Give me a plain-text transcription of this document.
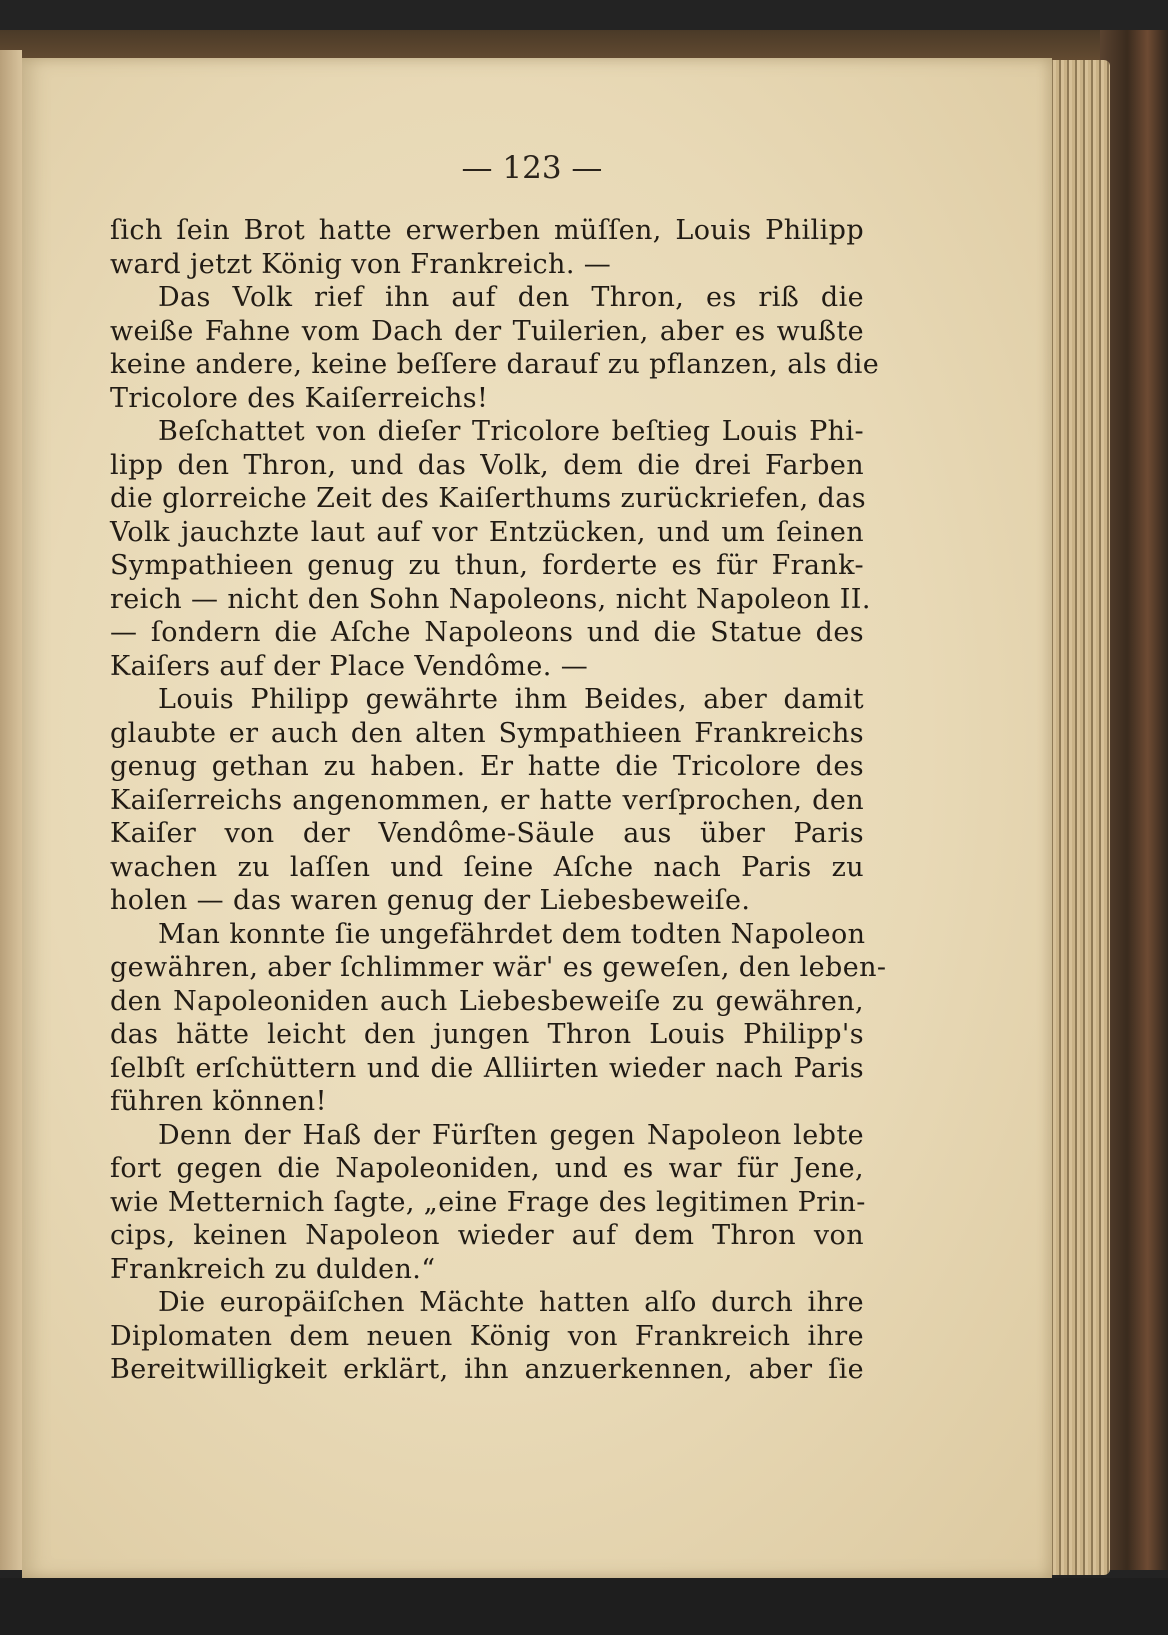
— 123 —
ſich ſein Brot hatte erwerben müſſen, Louis Philipp
ward jetzt König von Frankreich. —
Das Volk rief ihn auf den Thron, es riß die
weiße Fahne vom Dach der Tuilerien, aber es wußte
keine andere, keine beſſere darauf zu pflanzen, als die
Tricolore des Kaiſerreichs!
Beſchattet von dieſer Tricolore beſtieg Louis Phi-
lipp den Thron, und das Volk, dem die drei Farben
die glorreiche Zeit des Kaiſerthums zurückriefen, das
Volk jauchzte laut auf vor Entzücken, und um ſeinen
Sympathieen genug zu thun, forderte es für Frank-
reich — nicht den Sohn Napoleons, nicht Napoleon II.
— ſondern die Aſche Napoleons und die Statue des
Kaiſers auf der Place Vendôme. —
Louis Philipp gewährte ihm Beides, aber damit
glaubte er auch den alten Sympathieen Frankreichs
genug gethan zu haben. Er hatte die Tricolore des
Kaiſerreichs angenommen, er hatte verſprochen, den
Kaiſer von der Vendôme-Säule aus über Paris
wachen zu laſſen und ſeine Aſche nach Paris zu
holen — das waren genug der Liebesbeweiſe.
Man konnte ſie ungefährdet dem todten Napoleon
gewähren, aber ſchlimmer wär' es geweſen, den leben-
den Napoleoniden auch Liebesbeweiſe zu gewähren,
das hätte leicht den jungen Thron Louis Philipp's
ſelbſt erſchüttern und die Alliirten wieder nach Paris
führen können!
Denn der Haß der Fürſten gegen Napoleon lebte
fort gegen die Napoleoniden, und es war für Jene,
wie Metternich ſagte, „eine Frage des legitimen Prin-
cips, keinen Napoleon wieder auf dem Thron von
Frankreich zu dulden.“
Die europäiſchen Mächte hatten alſo durch ihre
Diplomaten dem neuen König von Frankreich ihre
Bereitwilligkeit erklärt, ihn anzuerkennen, aber ſie
